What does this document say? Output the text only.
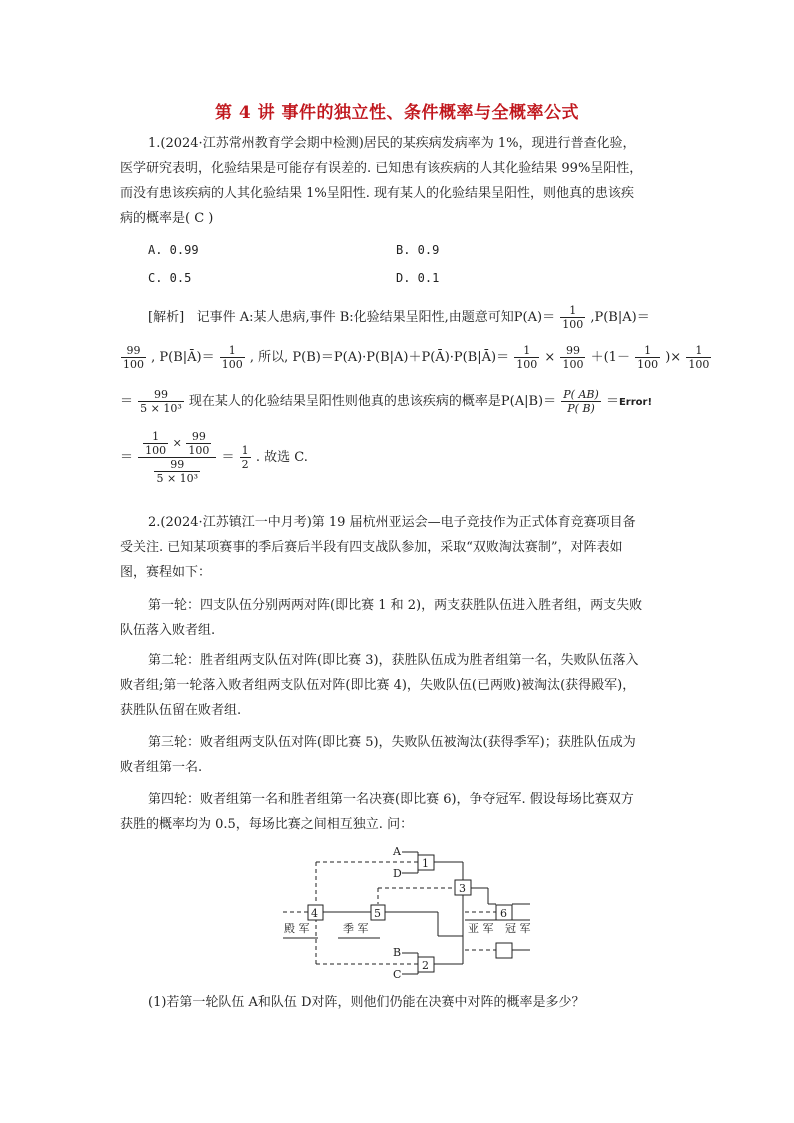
第 4 讲 事件的独立性、条件概率与全概率公式
1.(2024·江苏常州教育学会期中检测)居民的某疾病发病率为 1%，现进行普查化验，
医学研究表明，化验结果是可能存有误差的. 已知患有该疾病的人其化验结果 99%呈阳性，
而没有患该疾病的人其化验结果 1%呈阳性. 现有某人的化验结果呈阳性，则他真的患该疾
病的概率是( C )
A. 0.99	B. 0.9
C. 0.5	D. 0.1
[解析] 记事件 A:某人患病,事件 B:化验结果呈阳性,由题意可知$P(A)= \frac{1}{100} ,P(B|A)=$
$\frac{99}{100}$ , P(B|Ā)＝ $\frac{1}{100}$ , 所以, P(B)＝P(A)·P(B|A)＋P(Ā)·P(B|Ā)＝ $\frac{1}{100} \times \frac{99}{100} +(1- \frac{1}{100}$ )× $\frac{1}{100}$
＝ $\frac{99}{\text{5 × 10³}}$ 现在某人的化验结果呈阳性则他真的患该疾病的概率是$P(A|B)= \frac{P( AB)}{P( B)}$ ＝Error!
＝ $\frac{\frac{1}{100} \times \frac{99}{100}}{\frac{99}{\text{5 × 10³}}} = \frac{1}{2}$ . 故选 C.
2.(2024·江苏镇江一中月考)第 19 届杭州亚运会—电子竞技作为正式体育竞赛项目备
受关注. 已知某项赛事的季后赛后半段有四支战队参加，采取“双败淘汰赛制”，对阵表如
图，赛程如下：
第一轮：四支队伍分别两两对阵(即比赛 1 和 2)，两支获胜队伍进入胜者组，两支失败
队伍落入败者组.
第二轮：胜者组两支队伍对阵(即比赛 3)，获胜队伍成为胜者组第一名，失败队伍落入
败者组;第一轮落入败者组两支队伍对阵(即比赛 4)，失败队伍(已两败)被淘汰(获得殿军)，
获胜队伍留在败者组.
第三轮：败者组两支队伍对阵(即比赛 5)，失败队伍被淘汰(获得季军)；获胜队伍成为
败者组第一名.
第四轮：败者组第一名和胜者组第一名决赛(即比赛 6)，争夺冠军. 假设每场比赛双方
获胜的概率均为 0.5，每场比赛之间相互独立. 问：
1
2
3
4	5	6
A
D
B
C
殿 军	季 军	亚 军 冠 军
(1)若第一轮队伍 A和队伍 D对阵，则他们仍能在决赛中对阵的概率是多少？
